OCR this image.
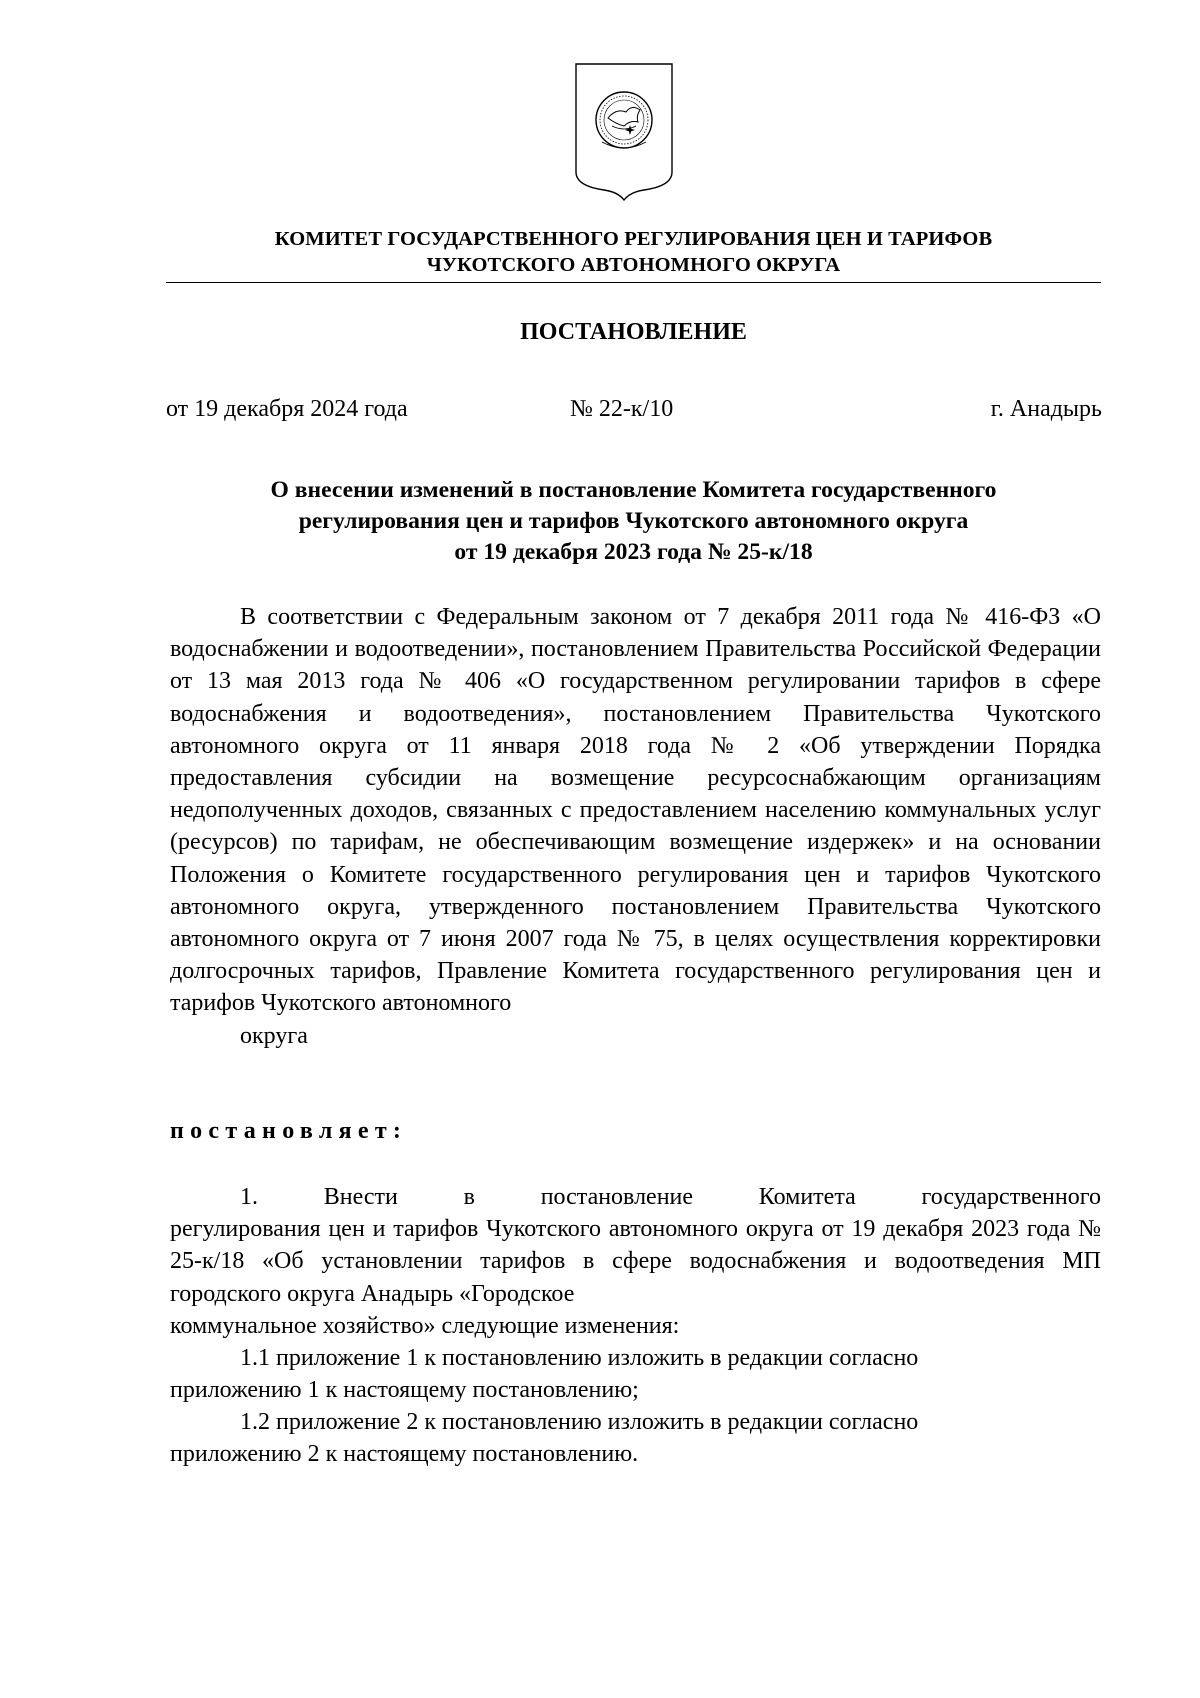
КОМИТЕТ ГОСУДАРСТВЕННОГО РЕГУЛИРОВАНИЯ ЦЕН И ТАРИФОВ
ЧУКОТСКОГО АВТОНОМНОГО ОКРУГА
ПОСТАНОВЛЕНИЕ
от 19 декабря 2024 года	№ 22-к/10	г. Анадырь
О внесении изменений в постановление Комитета государственного
регулирования цен и тарифов Чукотского автономного округа
от 19 декабря 2023 года № 25-к/18
В соответствии с Федеральным законом от 7 декабря 2011 года № 416-ФЗ «О водоснабжении и водоотведении», постановлением Правительства Российской Федерации от 13 мая 2013 года № 406 «О государственном регулировании тарифов в сфере водоснабжения и водоотведения», постановлением Правительства Чукотского автономного округа от 11 января 2018 года № 2 «Об утверждении Порядка предоставления субсидии на возмещение ресурсоснабжающим организациям недополученных доходов, связанных с предоставлением населению коммунальных услуг (ресурсов) по тарифам, не обеспечивающим возмещение издержек» и на основании Положения о Комитете государственного регулирования цен и тарифов Чукотского автономного округа, утвержденного постановлением Правительства Чукотского автономного округа от 7 июня 2007 года № 75, в целях осуществления корректировки долгосрочных тарифов, Правление Комитета государственного регулирования цен и тарифов Чукотского автономного
округа
постановляет:
1.	Внести	в	постановление	Комитета	государственного
регулирования цен и тарифов Чукотского автономного округа от 19 декабря 2023 года № 25-к/18 «Об установлении тарифов в сфере водоснабжения и водоотведения МП городского округа Анадырь «Городское
коммунальное хозяйство» следующие изменения:
1.1 приложение 1 к постановлению изложить в редакции согласно
приложению 1 к настоящему постановлению;
1.2 приложение 2 к постановлению изложить в редакции согласно
приложению 2 к настоящему постановлению.
